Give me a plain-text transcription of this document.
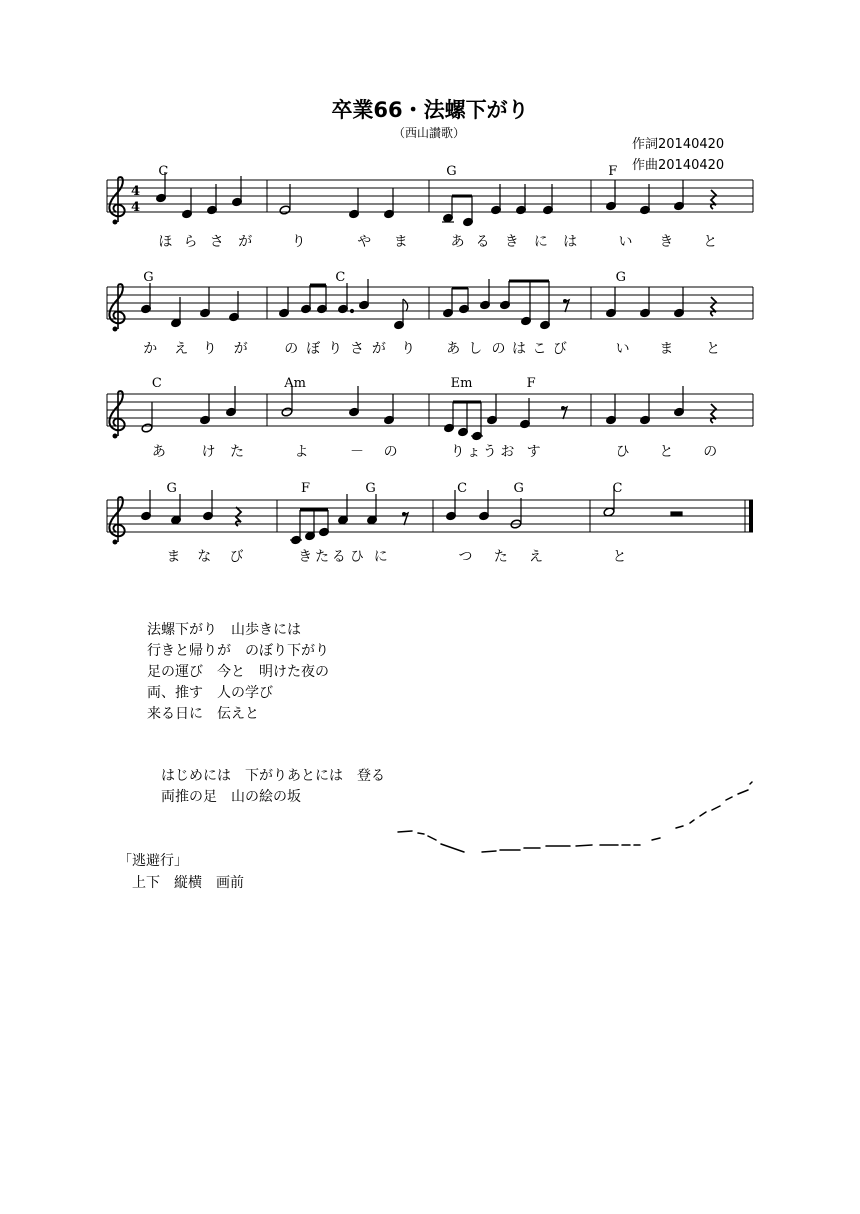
卒業66・法螺下がり
（西山讃歌）
作詞20140420
作曲20140420
4
4
C	G	F
G	C	G
C	Am	Em	F
G	F	G	C	G	C
ほ ら さ が	り	や ま	あ る き に は	い き と
か え り が	の ぼ り さ が り あ し の は こ び	い ま と
あ	け た	よ	－ の	り ょ う お す	ひ と の
ま な び	き た る ひ に	つ た え	と
法螺下がり　山歩きには
行きと帰りが　のぼり下がり
足の運び　今と　明けた夜の
両、推す　人の学び
来る日に　伝えと
はじめには　下がりあとには　登る
両推の足　山の絵の坂
「逃避行」
上下　縦横　画前
